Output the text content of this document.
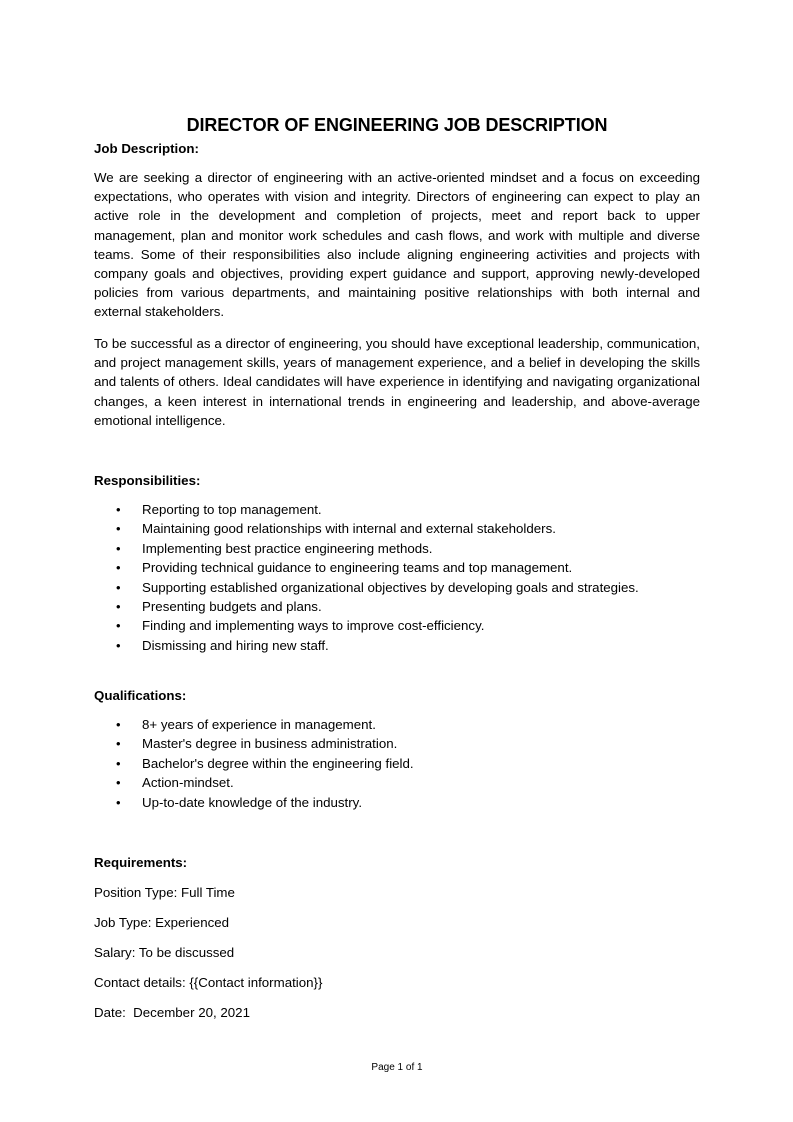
DIRECTOR OF ENGINEERING JOB DESCRIPTION
Job Description:

We are seeking a director of engineering with an active-oriented mindset and a focus on exceeding expectations, who operates with vision and integrity. Directors of engineering can expect to play an active role in the development and completion of projects, meet and report back to upper management, plan and monitor work schedules and cash flows, and work with multiple and diverse teams. Some of their responsibilities also include aligning engineering activities and projects with company goals and objectives, providing expert guidance and support, approving newly-developed policies from various departments, and maintaining positive relationships with both internal and external stakeholders.

To be successful as a director of engineering, you should have exceptional leadership, communication, and project management skills, years of management experience, and a belief in developing the skills and talents of others. Ideal candidates will have experience in identifying and navigating organizational changes, a keen interest in international trends in engineering and leadership, and above-average emotional intelligence.

Responsibilities:
• Reporting to top management.
• Maintaining good relationships with internal and external stakeholders.
• Implementing best practice engineering methods.
• Providing technical guidance to engineering teams and top management.
• Supporting established organizational objectives by developing goals and strategies.
• Presenting budgets and plans.
• Finding and implementing ways to improve cost-efficiency.
• Dismissing and hiring new staff.
Qualifications:
• 8+ years of experience in management.
• Master's degree in business administration.
• Bachelor's degree within the engineering field.
• Action-mindset.
• Up-to-date knowledge of the industry.
Requirements:
Position Type: Full Time
Job Type: Experienced
Salary: To be discussed
Contact details: {{Contact information}}
Date:  December 20, 2021
Page 1 of 1
